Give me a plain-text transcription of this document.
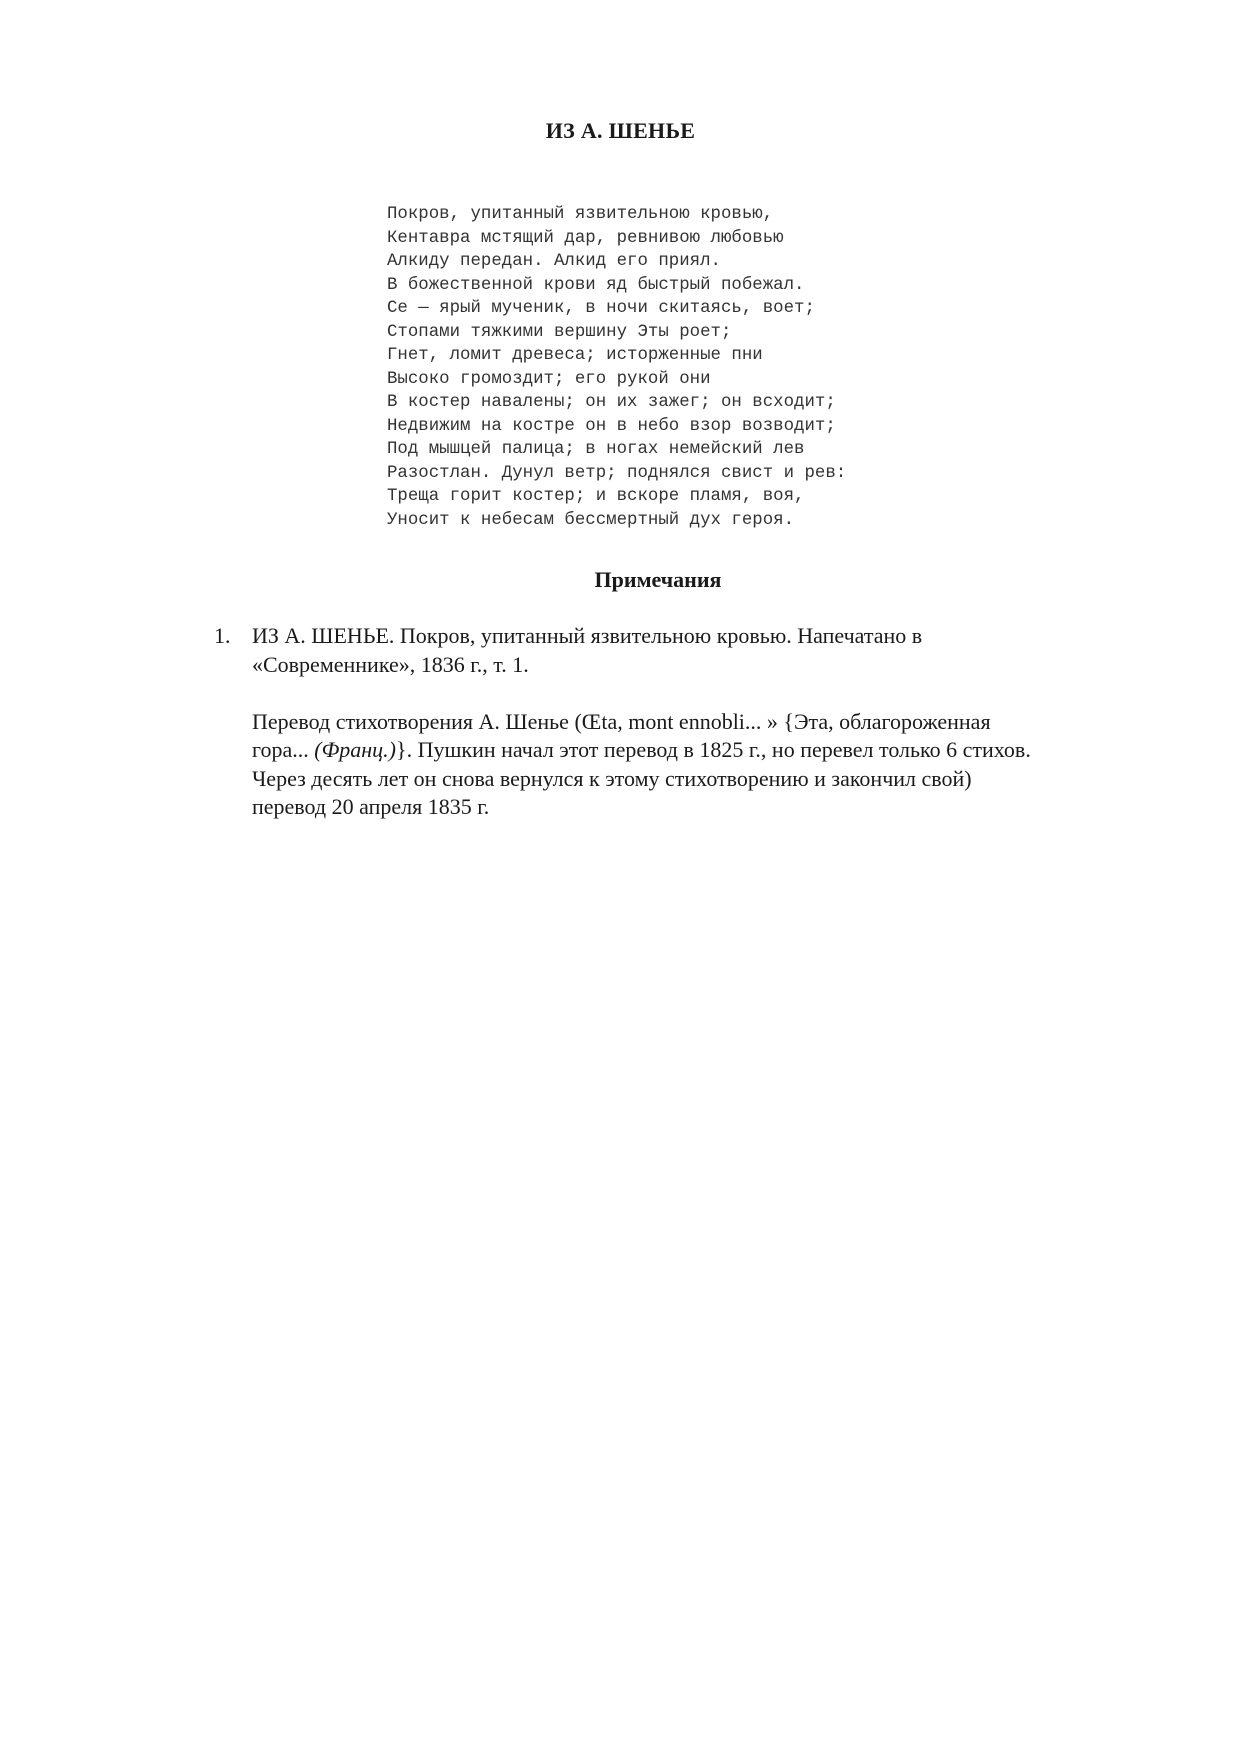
ИЗ А. ШЕНЬЕ
Покров, упитанный язвительною кровью,
Кентавра мстящий дар, ревнивою любовью
Алкиду передан. Алкид его приял.
В божественной крови яд быстрый побежал.
Се — ярый мученик, в ночи скитаясь, воет;
Стопами тяжкими вершину Эты роет;
Гнет, ломит древеса; исторженные пни
Высоко громоздит; его рукой они
В костер навалены; он их зажег; он всходит;
Недвижим на костре он в небо взор возводит;
Под мышцей палица; в ногах немейский лев
Разостлан. Дунул ветр; поднялся свист и рев:
Треща горит костер; и вскоре пламя, воя,
Уносит к небесам бессмертный дух героя.
Примечания
1. ИЗ А. ШЕНЬЕ. Покров, упитанный язвительною кровью. Напечатано в
«Современнике», 1836 г., т. 1.

Перевод стихотворения А. Шенье (Œta, mont ennobli... » {Эта, облагороженная
гора... (Франц.)}. Пушкин начал этот перевод в 1825 г., но перевел только 6 стихов.
Через десять лет он снова вернулся к этому стихотворению и закончил свой)
перевод 20 апреля 1835 г.
